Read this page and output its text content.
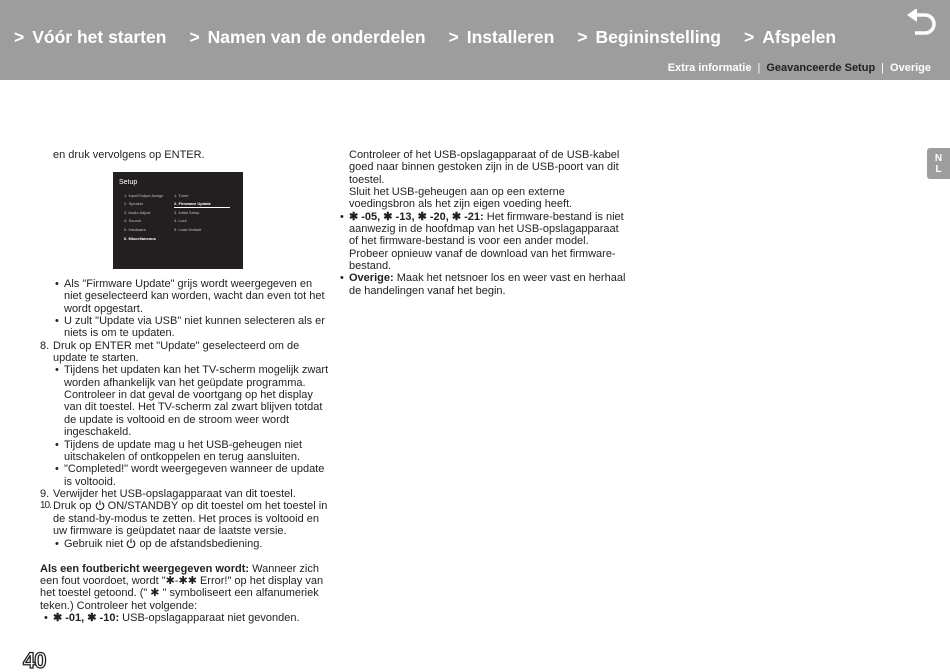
> Vóór het starten > Namen van de onderdelen > Installeren > Begininstelling > Afspelen
Extra informatie | Geavanceerde Setup | Overige
N
L
en druk vervolgens op ENTER.
Setup
1. Input/Output Assign
2. Speaker
3. Audio Adjust
4. Source
5. Hardware
6. Miscellaneous
1. Tuner
2. Firmware Update
3. Initial Setup
4. Lock
5. Load Default
• Als "Firmware Update" grijs wordt weergegeven en
niet geselecteerd kan worden, wacht dan even tot het
wordt opgestart.
• U zult "Update via USB" niet kunnen selecteren als er
niets is om te updaten.
8. Druk op ENTER met "Update" geselecteerd om de
update te starten.
• Tijdens het updaten kan het TV-scherm mogelijk zwart
worden afhankelijk van het geüpdate programma.
Controleer in dat geval de voortgang op het display
van dit toestel. Het TV-scherm zal zwart blijven totdat
de update is voltooid en de stroom weer wordt
ingeschakeld.
• Tijdens de update mag u het USB-geheugen niet
uitschakelen of ontkoppelen en terug aansluiten.
• "Completed!" wordt weergegeven wanneer de update
is voltooid.
9. Verwijder het USB-opslagapparaat van dit toestel.
10. Druk op ON/STANDBY op dit toestel om het toestel in
de stand-by-modus te zetten. Het proces is voltooid en
uw firmware is geüpdatet naar de laatste versie.
• Gebruik niet op de afstandsbediening.
Als een foutbericht weergegeven wordt: Wanneer zich
een fout voordoet, wordt "✱-✱✱ Error!" op het display van
het toestel getoond. (" ✱ " symboliseert een alfanumeriek
teken.) Controleer het volgende:
• ✱ -01, ✱ -10: USB-opslagapparaat niet gevonden.
Controleer of het USB-opslagapparaat of de USB-kabel
goed naar binnen gestoken zijn in de USB-poort van dit
toestel.
Sluit het USB-geheugen aan op een externe
voedingsbron als het zijn eigen voeding heeft.
• ✱ -05, ✱ -13, ✱ -20, ✱ -21: Het firmware-bestand is niet
aanwezig in de hoofdmap van het USB-opslagapparaat
of het firmware-bestand is voor een ander model.
Probeer opnieuw vanaf de download van het firmware-
bestand.
• Overige: Maak het netsnoer los en weer vast en herhaal
de handelingen vanaf het begin.
40
